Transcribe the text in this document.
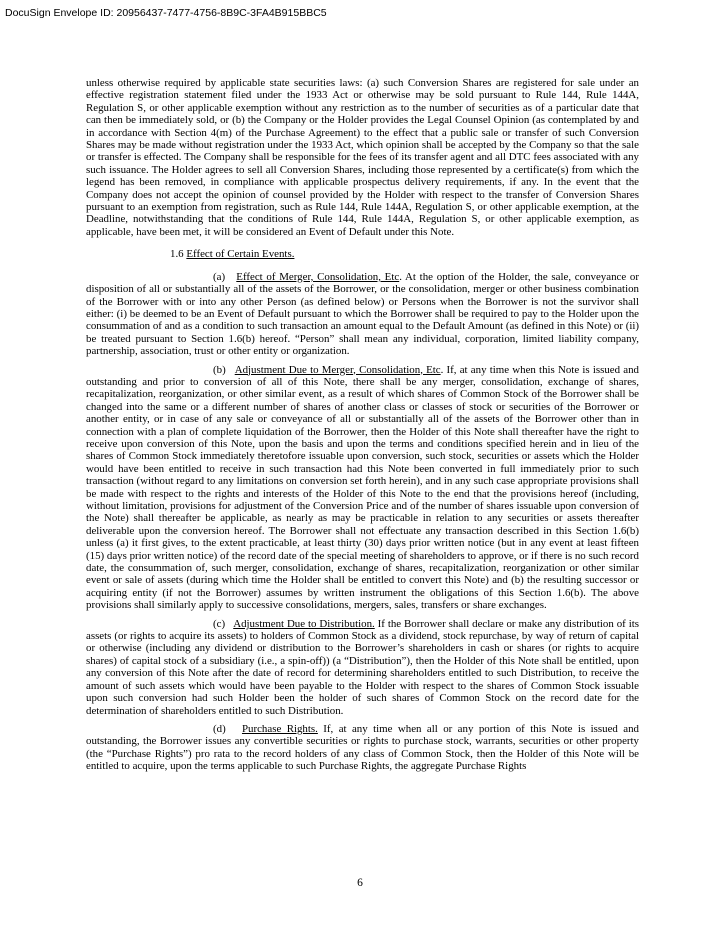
DocuSign Envelope ID: 20956437-7477-4756-8B9C-3FA4B915BBC5

unless otherwise required by applicable state securities laws: (a) such Conversion Shares are registered for sale under an effective registration statement filed under the 1933 Act or otherwise may be sold pursuant to Rule 144, Rule 144A, Regulation S, or other applicable exemption without any restriction as to the number of securities as of a particular date that can then be immediately sold, or (b) the Company or the Holder provides the Legal Counsel Opinion (as contemplated by and in accordance with Section 4(m) of the Purchase Agreement) to the effect that a public sale or transfer of such Conversion Shares may be made without registration under the 1933 Act, which opinion shall be accepted by the Company so that the sale or transfer is effected. The Company shall be responsible for the fees of its transfer agent and all DTC fees associated with any such issuance. The Holder agrees to sell all Conversion Shares, including those represented by a certificate(s) from which the legend has been removed, in compliance with applicable prospectus delivery requirements, if any. In the event that the Company does not accept the opinion of counsel provided by the Holder with respect to the transfer of Conversion Shares pursuant to an exemption from registration, such as Rule 144, Rule 144A, Regulation S, or other applicable exemption, at the Deadline, notwithstanding that the conditions of Rule 144, Rule 144A, Regulation S, or other applicable exemption, as applicable, have been met, it will be considered an Event of Default under this Note.

1.6 Effect of Certain Events.

(a) Effect of Merger, Consolidation, Etc. At the option of the Holder, the sale, conveyance or disposition of all or substantially all of the assets of the Borrower, or the consolidation, merger or other business combination of the Borrower with or into any other Person (as defined below) or Persons when the Borrower is not the survivor shall either: (i) be deemed to be an Event of Default pursuant to which the Borrower shall be required to pay to the Holder upon the consummation of and as a condition to such transaction an amount equal to the Default Amount (as defined in this Note) or (ii) be treated pursuant to Section 1.6(b) hereof. “Person” shall mean any individual, corporation, limited liability company, partnership, association, trust or other entity or organization.

(b) Adjustment Due to Merger, Consolidation, Etc. If, at any time when this Note is issued and outstanding and prior to conversion of all of this Note, there shall be any merger, consolidation, exchange of shares, recapitalization, reorganization, or other similar event, as a result of which shares of Common Stock of the Borrower shall be changed into the same or a different number of shares of another class or classes of stock or securities of the Borrower or another entity, or in case of any sale or conveyance of all or substantially all of the assets of the Borrower other than in connection with a plan of complete liquidation of the Borrower, then the Holder of this Note shall thereafter have the right to receive upon conversion of this Note, upon the basis and upon the terms and conditions specified herein and in lieu of the shares of Common Stock immediately theretofore issuable upon conversion, such stock, securities or assets which the Holder would have been entitled to receive in such transaction had this Note been converted in full immediately prior to such transaction (without regard to any limitations on conversion set forth herein), and in any such case appropriate provisions shall be made with respect to the rights and interests of the Holder of this Note to the end that the provisions hereof (including, without limitation, provisions for adjustment of the Conversion Price and of the number of shares issuable upon conversion of the Note) shall thereafter be applicable, as nearly as may be practicable in relation to any securities or assets thereafter deliverable upon the conversion hereof. The Borrower shall not effectuate any transaction described in this Section 1.6(b) unless (a) it first gives, to the extent practicable, at least thirty (30) days prior written notice (but in any event at least fifteen (15) days prior written notice) of the record date of the special meeting of shareholders to approve, or if there is no such record date, the consummation of, such merger, consolidation, exchange of shares, recapitalization, reorganization or other similar event or sale of assets (during which time the Holder shall be entitled to convert this Note) and (b) the resulting successor or acquiring entity (if not the Borrower) assumes by written instrument the obligations of this Section 1.6(b). The above provisions shall similarly apply to successive consolidations, mergers, sales, transfers or share exchanges.

(c) Adjustment Due to Distribution. If the Borrower shall declare or make any distribution of its assets (or rights to acquire its assets) to holders of Common Stock as a dividend, stock repurchase, by way of return of capital or otherwise (including any dividend or distribution to the Borrower’s shareholders in cash or shares (or rights to acquire shares) of capital stock of a subsidiary (i.e., a spin-off)) (a “Distribution”), then the Holder of this Note shall be entitled, upon any conversion of this Note after the date of record for determining shareholders entitled to such Distribution, to receive the amount of such assets which would have been payable to the Holder with respect to the shares of Common Stock issuable upon such conversion had such Holder been the holder of such shares of Common Stock on the record date for the determination of shareholders entitled to such Distribution.

(d) Purchase Rights. If, at any time when all or any portion of this Note is issued and outstanding, the Borrower issues any convertible securities or rights to purchase stock, warrants, securities or other property (the “Purchase Rights”) pro rata to the record holders of any class of Common Stock, then the Holder of this Note will be entitled to acquire, upon the terms applicable to such Purchase Rights, the aggregate Purchase Rights

6
